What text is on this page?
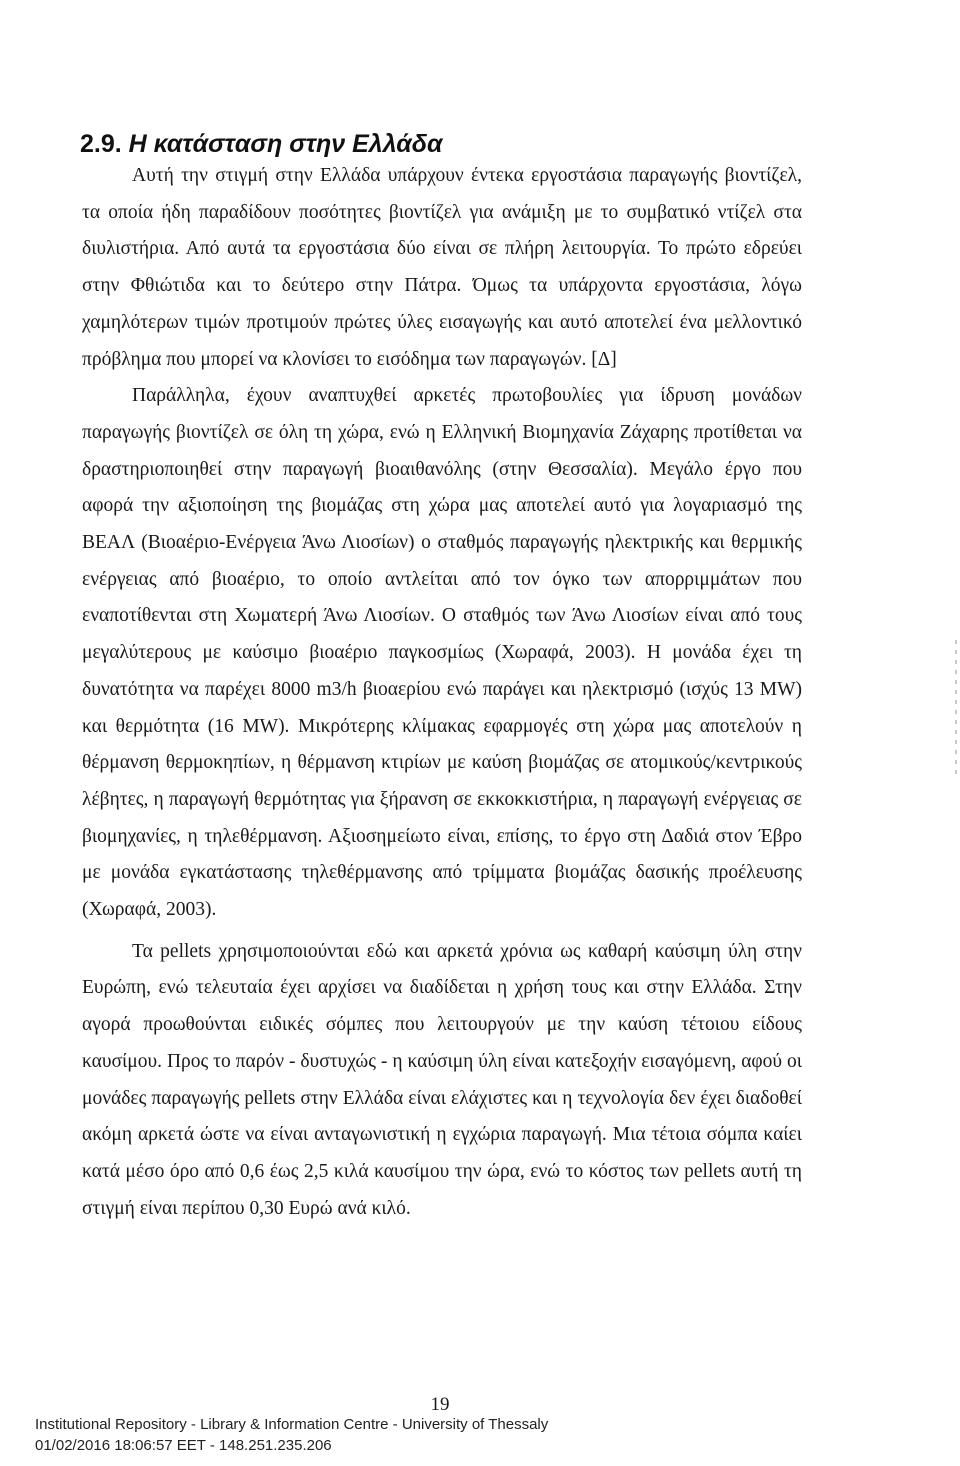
2.9. Η κατάσταση στην Ελλάδα

Αυτή την στιγμή στην Ελλάδα υπάρχουν έντεκα εργοστάσια παραγωγής βιοντίζελ, τα οποία ήδη παραδίδουν ποσότητες βιοντίζελ για ανάμιξη με το συμβατικό ντίζελ στα διυλιστήρια. Από αυτά τα εργοστάσια δύο είναι σε πλήρη λειτουργία. Το πρώτο εδρεύει στην Φθιώτιδα και το δεύτερο στην Πάτρα. Όμως τα υπάρχοντα εργοστάσια, λόγω χαμηλότερων τιμών προτιμούν πρώτες ύλες εισαγωγής και αυτό αποτελεί ένα μελλοντικό πρόβλημα που μπορεί να κλονίσει το εισόδημα των παραγωγών. [Δ]

Παράλληλα, έχουν αναπτυχθεί αρκετές πρωτοβουλίες για ίδρυση μονάδων παραγωγής βιοντίζελ σε όλη τη χώρα, ενώ η Ελληνική Βιομηχανία Ζάχαρης προτίθεται να δραστηριοποιηθεί στην παραγωγή βιοαιθανόλης (στην Θεσσαλία). Μεγάλο έργο που αφορά την αξιοποίηση της βιομάζας στη χώρα μας αποτελεί αυτό για λογαριασμό της ΒΕΑΛ (Βιοαέριο-Ενέργεια Άνω Λιοσίων) ο σταθμός παραγωγής ηλεκτρικής και θερμικής ενέργειας από βιοαέριο, το οποίο αντλείται από τον όγκο των απορριμμάτων που εναποτίθενται στη Χωματερή Άνω Λιοσίων. Ο σταθμός των Άνω Λιοσίων είναι από τους μεγαλύτερους με καύσιμο βιοαέριο παγκοσμίως (Χωραφά, 2003). Η μονάδα έχει τη δυνατότητα να παρέχει 8000 m3/h βιοαερίου ενώ παράγει και ηλεκτρισμό (ισχύς 13 MW) και θερμότητα (16 MW). Μικρότερης κλίμακας εφαρμογές στη χώρα μας αποτελούν η θέρμανση θερμοκηπίων, η θέρμανση κτιρίων με καύση βιομάζας σε ατομικούς/κεντρικούς λέβητες, η παραγωγή θερμότητας για ξήρανση σε εκκοκκιστήρια, η παραγωγή ενέργειας σε βιομηχανίες, η τηλεθέρμανση. Αξιοσημείωτο είναι, επίσης, το έργο στη Δαδιά στον Έβρο με μονάδα εγκατάστασης τηλεθέρμανσης από τρίμματα βιομάζας δασικής προέλευσης (Χωραφά, 2003).

Τα pellets χρησιμοποιούνται εδώ και αρκετά χρόνια ως καθαρή καύσιμη ύλη στην Ευρώπη, ενώ τελευταία έχει αρχίσει να διαδίδεται η χρήση τους και στην Ελλάδα. Στην αγορά προωθούνται ειδικές σόμπες που λειτουργούν με την καύση τέτοιου είδους καυσίμου. Προς το παρόν - δυστυχώς - η καύσιμη ύλη είναι κατεξοχήν εισαγόμενη, αφού οι μονάδες παραγωγής pellets στην Ελλάδα είναι ελάχιστες και η τεχνολογία δεν έχει διαδοθεί ακόμη αρκετά ώστε να είναι ανταγωνιστική η εγχώρια παραγωγή. Μια τέτοια σόμπα καίει κατά μέσο όρο από 0,6 έως 2,5 κιλά καυσίμου την ώρα, ενώ το κόστος των pellets αυτή τη στιγμή είναι περίπου 0,30 Ευρώ ανά κιλό.

19
Institutional Repository - Library & Information Centre - University of Thessaly
01/02/2016 18:06:57 EET - 148.251.235.206
